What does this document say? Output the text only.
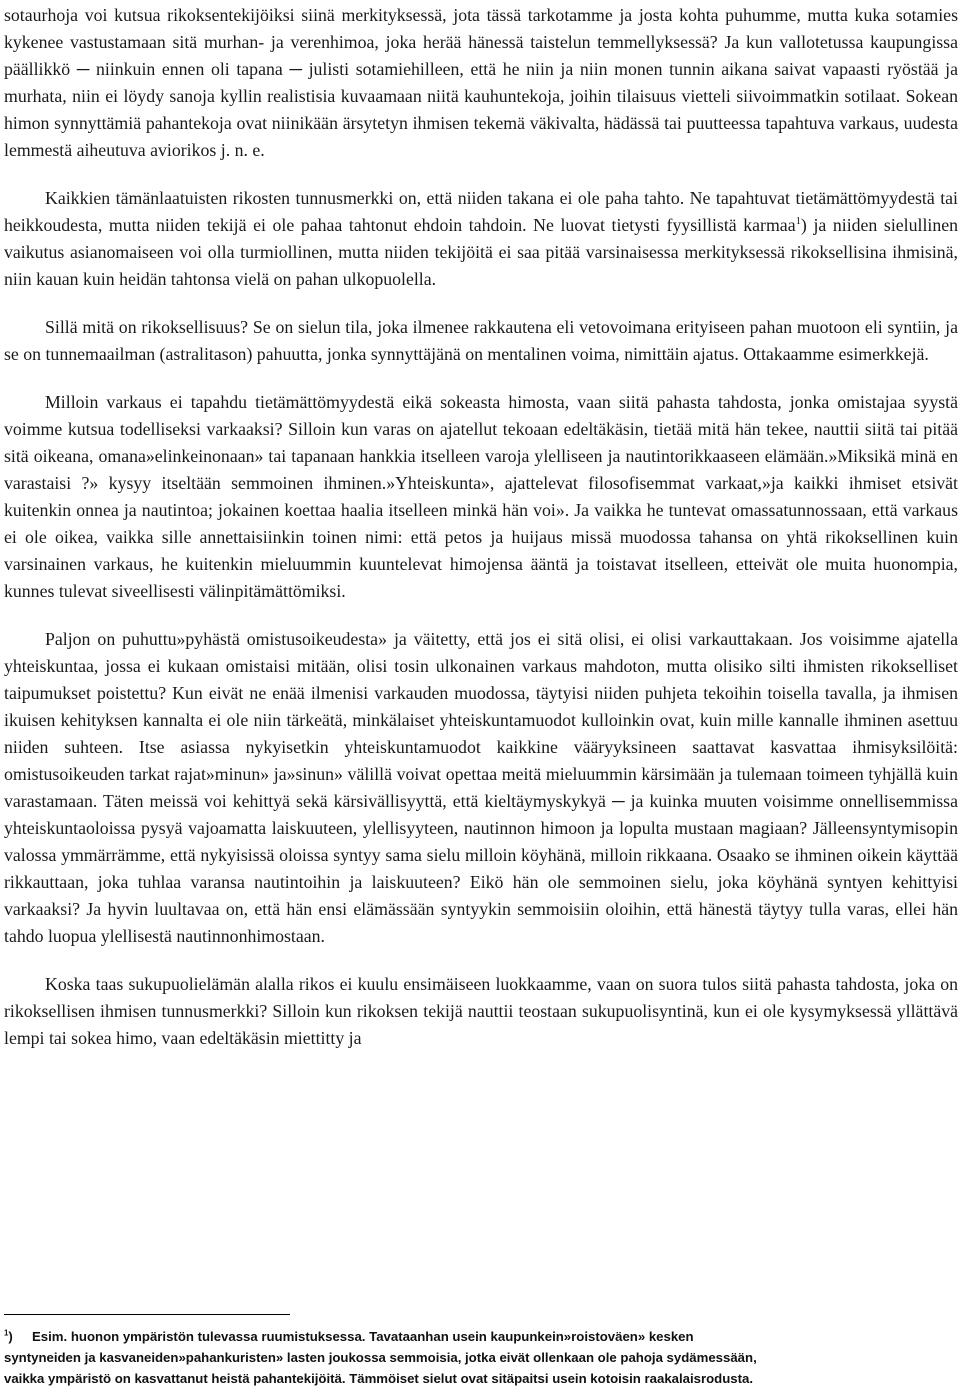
sotaurhoja voi kutsua rikoksentekijöiksi siinä merkityksessä, jota tässä tarkotamme ja josta kohta puhumme, mutta kuka sotamies kykenee vastustamaan sitä murhan- ja verenhimoa, joka herää hänessä taistelun temmellyksessä? Ja kun vallotetussa kaupungissa päällikkö ─ niinkuin ennen oli tapana ─ julisti sotamiehilleen, että he niin ja niin monen tunnin aikana saivat vapaasti ryöstää ja murhata, niin ei löydy sanoja kyllin realistisia kuvaamaan niitä kauhuntekoja, joihin tilaisuus vietteli siivoimmatkin sotilaat. Sokean himon synnyttämiä pahantekoja ovat niinikään ärsytetyn ihmisen tekemä väkivalta, hädässä tai puutteessa tapahtuva varkaus, uudesta lemmestä aiheutuva aviorikos j. n. e.

Kaikkien tämänlaatuisten rikosten tunnusmerkki on, että niiden takana ei ole paha tahto. Ne tapahtuvat tietämättömyydestä tai heikkoudesta, mutta niiden tekijä ei ole pahaa tahtonut ehdoin tahdoin. Ne luovat tietysti fyysillistä karmaa$^1$) ja niiden sielullinen vaikutus asianomaiseen voi olla turmiollinen, mutta niiden tekijöitä ei saa pitää varsinaisessa merkityksessä rikoksellisina ihmisinä, niin kauan kuin heidän tahtonsa vielä on pahan ulkopuolella.

Sillä mitä on rikoksellisuus? Se on sielun tila, joka ilmenee rakkautena eli vetovoimana erityiseen pahan muotoon eli syntiin, ja se on tunnemaailman (astralitason) pahuutta, jonka synnyttäjänä on mentalinen voima, nimittäin ajatus. Ottakaamme esimerkkejä.

Milloin varkaus ei tapahdu tietämättömyydestä eikä sokeasta himosta, vaan siitä pahasta tahdosta, jonka omistajaa syystä voimme kutsua todelliseksi varkaaksi? Silloin kun varas on ajatellut tekoaan edeltäkäsin, tietää mitä hän tekee, nauttii siitä tai pitää sitä oikeana, omana»elinkeinonaan» tai tapanaan hankkia itselleen varoja ylelliseen ja nautintorikkaaseen elämään.»Miksikä minä en varastaisi ?» kysyy itseltään semmoinen ihminen.»Yhteiskunta», ajattelevat filosofisemmat varkaat,»ja kaikki ihmiset etsivät kuitenkin onnea ja nautintoa; jokainen koettaa haalia itselleen minkä hän voi». Ja vaikka he tuntevat omassatunnossaan, että varkaus ei ole oikea, vaikka sille annettaisiinkin toinen nimi: että petos ja huijaus missä muodossa tahansa on yhtä rikoksellinen kuin varsinainen varkaus, he kuitenkin mieluummin kuuntelevat himojensa ääntä ja toistavat itselleen, etteivät ole muita huonompia, kunnes tulevat siveellisesti välinpitämättömiksi.

Paljon on puhuttu»pyhästä omistusoikeudesta» ja väitetty, että jos ei sitä olisi, ei olisi varkauttakaan. Jos voisimme ajatella yhteiskuntaa, jossa ei kukaan omistaisi mitään, olisi tosin ulkonainen varkaus mahdoton, mutta olisiko silti ihmisten rikokselliset taipumukset poistettu? Kun eivät ne enää ilmenisi varkauden muodossa, täytyisi niiden puhjeta tekoihin toisella tavalla, ja ihmisen ikuisen kehityksen kannalta ei ole niin tärkeätä, minkälaiset yhteiskuntamuodot kulloinkin ovat, kuin mille kannalle ihminen asettuu niiden suhteen. Itse asiassa nykyisetkin yhteiskuntamuodot kaikkine vääryyksineen saattavat kasvattaa ihmisyksilöitä: omistusoikeuden tarkat rajat»minun» ja»sinun» välillä voivat opettaa meitä mieluummin kärsimään ja tulemaan toimeen tyhjällä kuin varastamaan. Täten meissä voi kehittyä sekä kärsivällisyyttä, että kieltäymyskykyä ─ ja kuinka muuten voisimme onnellisemmissa yhteiskuntaoloissa pysyä vajoamatta laiskuuteen, ylellisyyteen, nautinnon himoon ja lopulta mustaan magiaan? Jälleensyntymisopin valossa ymmärrämme, että nykyisissä oloissa syntyy sama sielu milloin köyhänä, milloin rikkaana. Osaako se ihminen oikein käyttää rikkauttaan, joka tuhlaa varansa nautintoihin ja laiskuuteen? Eikö hän ole semmoinen sielu, joka köyhänä syntyen kehittyisi varkaaksi? Ja hyvin luultavaa on, että hän ensi elämässään syntyykin semmoisiin oloihin, että hänestä täytyy tulla varas, ellei hän tahdo luopua ylellisestä nautinnonhimostaan.

Koska taas sukupuolielämän alalla rikos ei kuulu ensimäiseen luokkaamme, vaan on suora tulos siitä pahasta tahdosta, joka on rikoksellisen ihmisen tunnusmerkki? Silloin kun rikoksen tekijä nauttii teostaan sukupuolisyntinä, kun ei ole kysymyksessä yllättävä lempi tai sokea himo, vaan edeltäkäsin miettitty ja

$^1$) Esim. huonon ympäristön tulevassa ruumistuksessa. Tavataanhan usein kaupunkein»roistoväen» kesken
syntyneiden ja kasvaneiden»pahankuristen» lasten joukossa semmoisia, jotka eivät ollenkaan ole pahoja sydämessään,
vaikka ympäristö on kasvattanut heistä pahantekijöitä. Tämmöiset sielut ovat sitäpaitsi usein kotoisin raakalaisrodusta.
